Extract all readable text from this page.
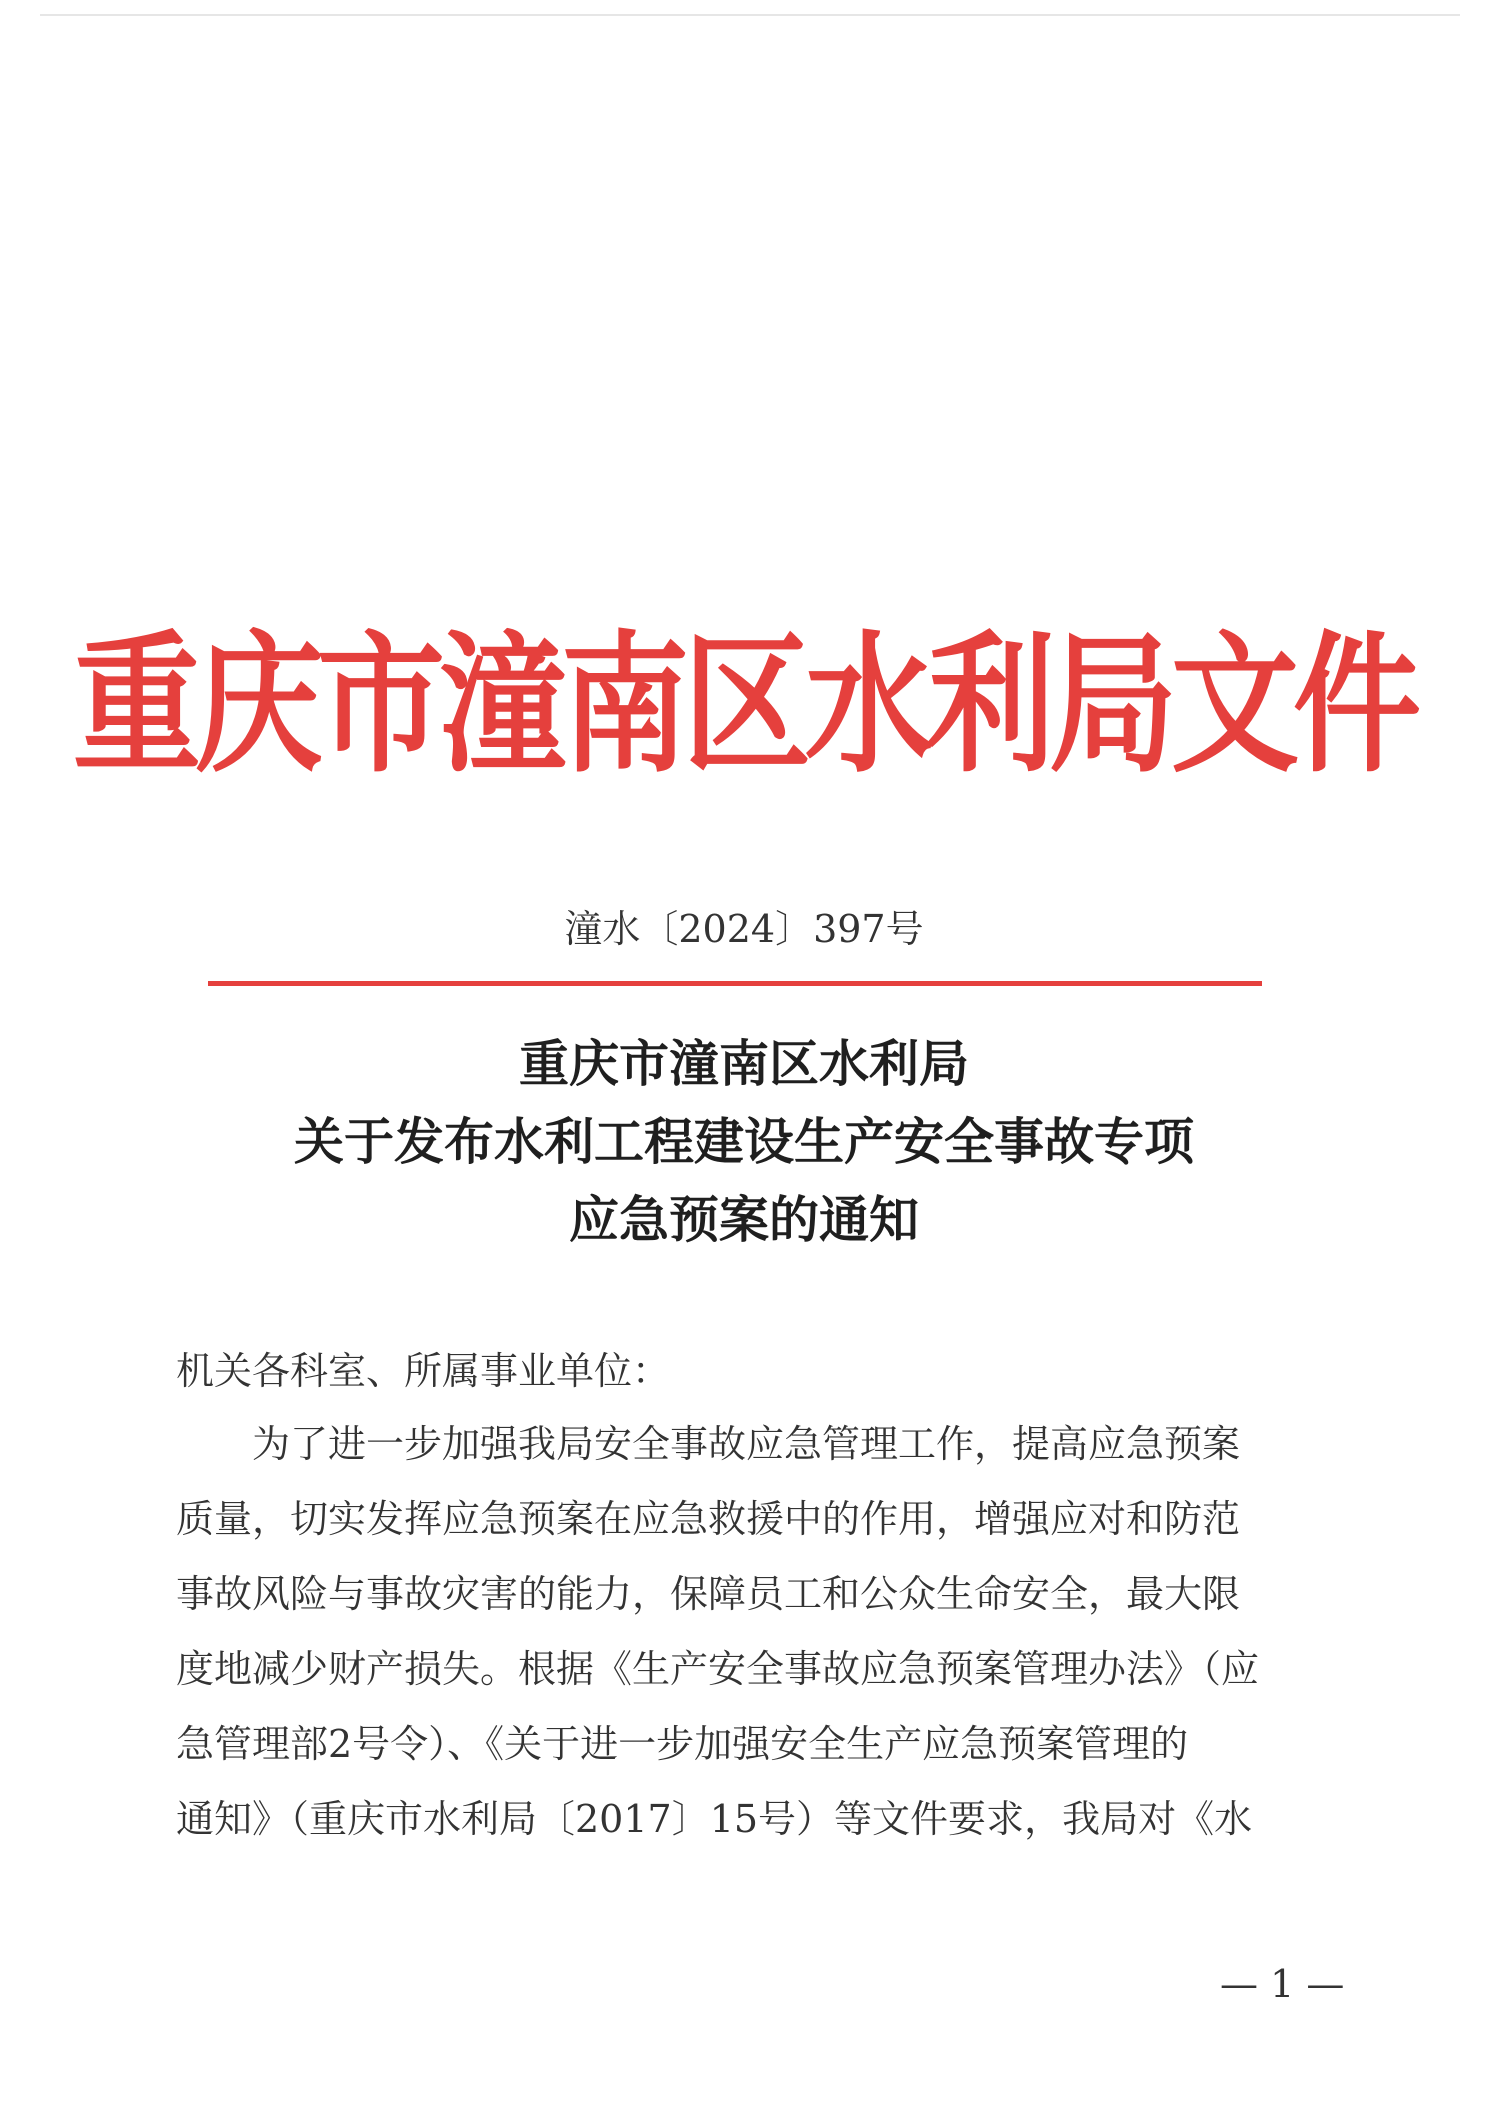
重庆市潼南区水利局文件
潼水〔2024〕397号
重庆市潼南区水利局
关于发布水利工程建设生产安全事故专项
应急预案的通知
机关各科室、所属事业单位：
　　为了进一步加强我局安全事故应急管理工作，提高应急预案
质量，切实发挥应急预案在应急救援中的作用，增强应对和防范
事故风险与事故灾害的能力，保障员工和公众生命安全，最大限
度地减少财产损失。根据《生产安全事故应急预案管理办法》（应
急管理部2号令）、《关于进一步加强安全生产应急预案管理的
通知》（重庆市水利局〔2017〕15号）等文件要求，我局对《水
— 1 —
